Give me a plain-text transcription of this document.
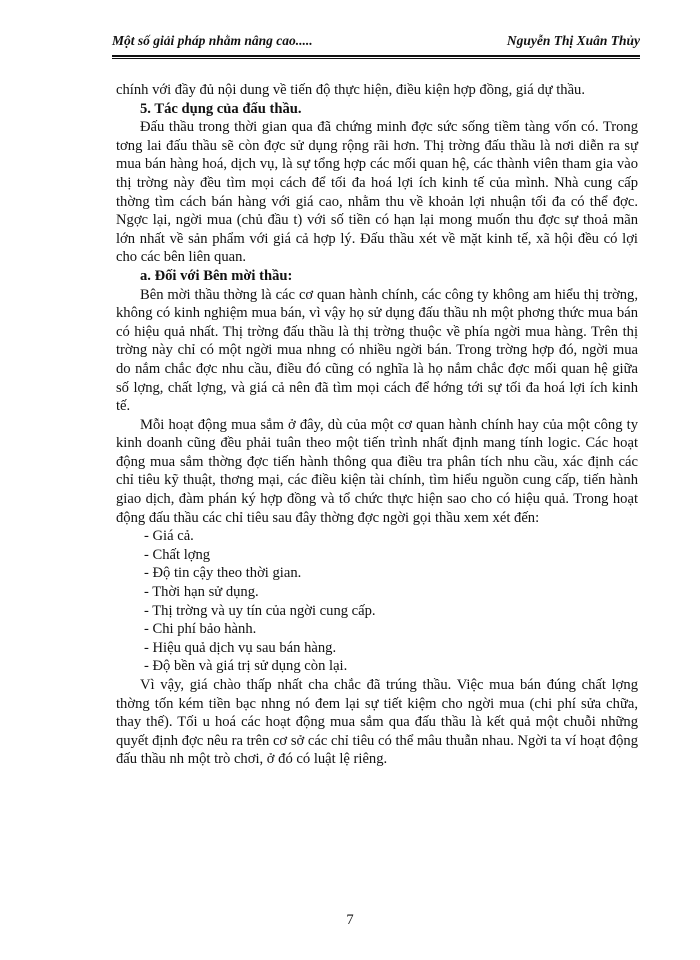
Một số giải pháp nhằm nâng cao.....	Nguyễn Thị Xuân Thủy

chính với đầy đủ nội dung về tiến độ thực hiện, điều kiện hợp đồng, giá dự thầu.

5. Tác dụng của đấu thầu.

Đấu thầu trong thời gian qua đã chứng minh đợc sức sống tiềm tàng vốn có. Trong tơng lai đấu thầu sẽ còn đợc sử dụng rộng rãi hơn. Thị trờng đấu thầu là nơi diễn ra sự mua bán hàng hoá, dịch vụ, là sự tổng hợp các mối quan hệ, các thành viên tham gia vào thị trờng này đều tìm mọi cách để tối đa hoá lợi ích kinh tế của mình. Nhà cung cấp thờng tìm cách bán hàng với giá cao, nhằm thu về khoản lợi nhuận tối đa có thể đợc. Ngợc lại, ngời mua (chủ đầu t) với số tiền có hạn lại mong muốn thu đợc sự thoả mãn lớn nhất về sản phẩm với giá cả hợp lý. Đấu thầu xét về mặt kinh tế, xã hội đều có lợi cho các bên liên quan.

a. Đối với Bên mời thầu:

Bên mời thầu thờng là các cơ quan hành chính, các công ty không am hiểu thị trờng, không có kinh nghiệm mua bán, vì vậy họ sử dụng đấu thầu nh một phơng thức mua bán có hiệu quả nhất. Thị trờng đấu thầu là thị trờng thuộc về phía ngời mua hàng. Trên thị trờng này chỉ có một ngời mua nhng có nhiều ngời bán. Trong trờng hợp đó, ngời mua do nắm chắc đợc nhu cầu, điều đó cũng có nghĩa là họ nắm chắc đợc mối quan hệ giữa số lợng, chất lợng, và giá cả nên đã tìm mọi cách để hớng tới sự tối đa hoá lợi ích kinh tế.

Mỗi hoạt động mua sắm ở đây, dù của một cơ quan hành chính hay của một công ty kinh doanh cũng đều phải tuân theo một tiến trình nhất định mang tính logic. Các hoạt động mua sắm thờng đợc tiến hành thông qua điều tra phân tích nhu cầu, xác định các chỉ tiêu kỹ thuật, thơng mại, các điều kiện tài chính, tìm hiểu nguồn cung cấp, tiến hành giao dịch, đàm phán ký hợp đồng và tổ chức thực hiện sao cho có hiệu quả. Trong hoạt động đấu thầu các chỉ tiêu sau đây thờng đợc ngời gọi thầu xem xét đến:

- Giá cả.

- Chất lợng

- Độ tin cậy theo thời gian.

- Thời hạn sử dụng.

- Thị trờng và uy tín của ngời cung cấp.

- Chi phí bảo hành.

- Hiệu quả dịch vụ sau bán hàng.

- Độ bền và giá trị sử dụng còn lại.

Vì vậy, giá chào thấp nhất cha chắc đã trúng thầu. Việc mua bán đúng chất lợng thờng tốn kém tiền bạc nhng nó đem lại sự tiết kiệm cho ngời mua (chi phí sửa chữa, thay thế). Tối u hoá các hoạt động mua sắm qua đấu thầu là kết quả một chuỗi những quyết định đợc nêu ra trên cơ sở các chỉ tiêu có thể mâu thuẫn nhau. Ngời ta ví hoạt động đấu thầu nh một trò chơi, ở đó có luật lệ riêng.

7
